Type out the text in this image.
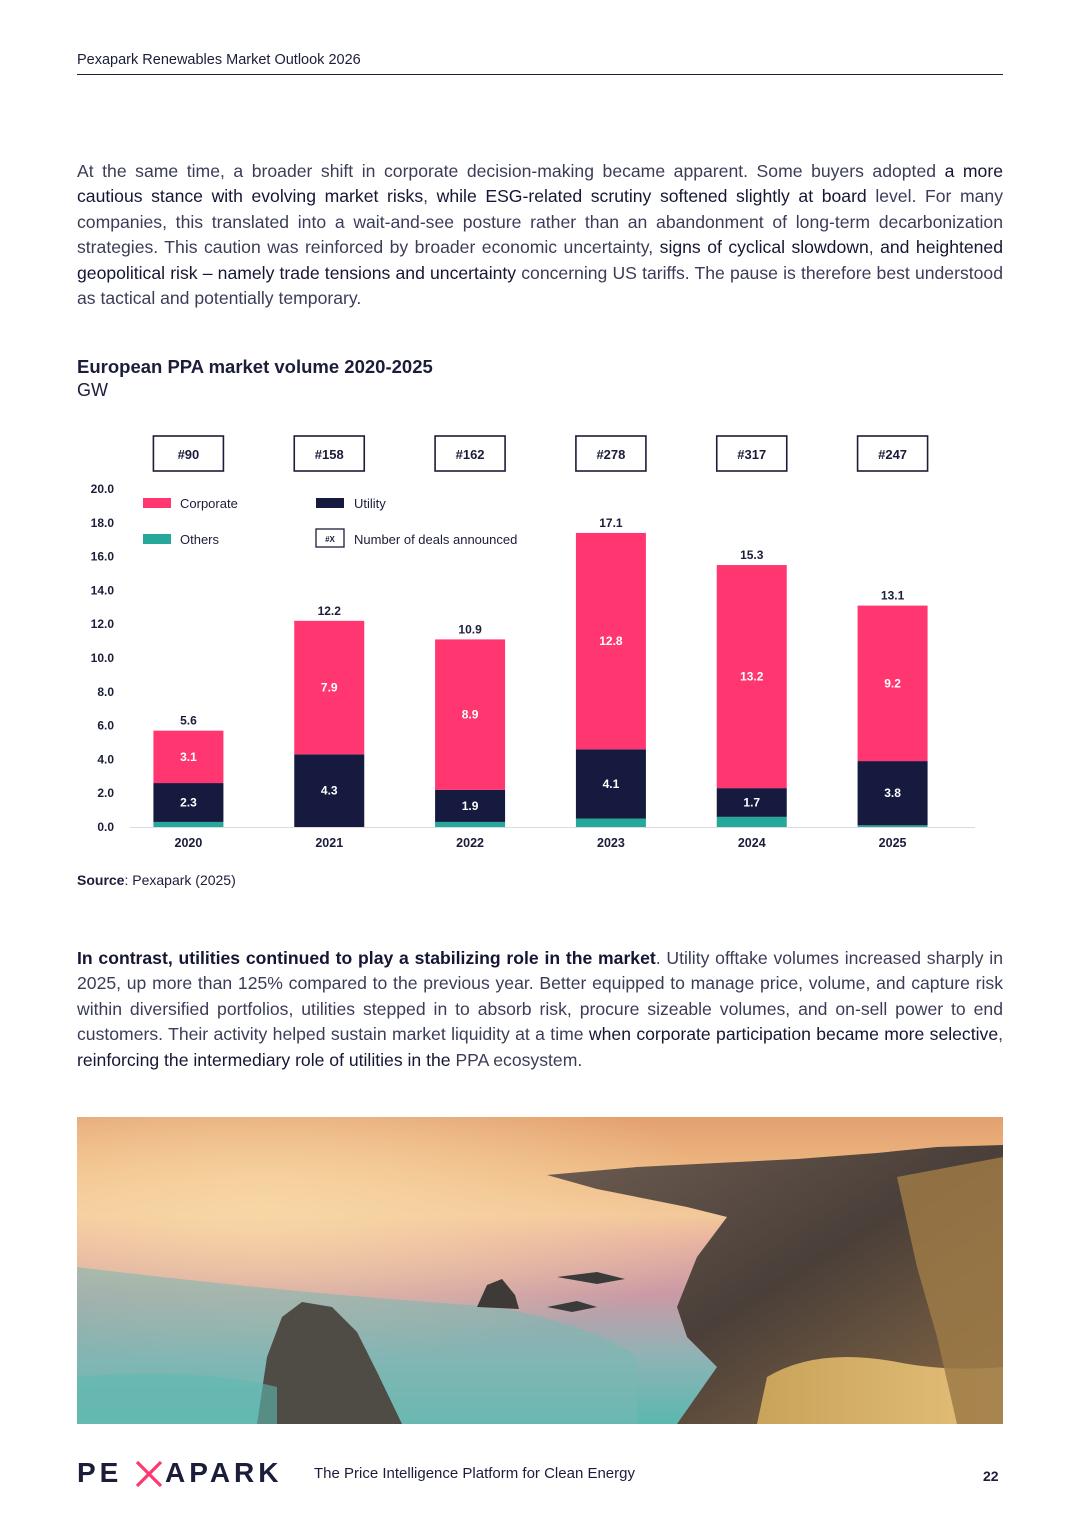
Pexapark Renewables Market Outlook 2026

At the same time, a broader shift in corporate decision-making became apparent. Some buyers adopted a more cautious stance with evolving market risks, while ESG-related scrutiny softened slightly at board level. For many companies, this translated into a wait-and-see posture rather than an abandonment of long-term decarbonization strategies. This caution was reinforced by broader economic uncertainty, signs of cyclical slowdown, and heightened geopolitical risk – namely trade tensions and uncertainty concerning US tariffs. The pause is therefore best understood as tactical and potentially temporary.

European PPA market volume 2020-2025
GW
0.0
2.0
4.0
6.0
8.0
10.0
12.0
14.0
16.0
18.0
20.0
Corporate
Others
Utility
#X Number of deals announced
2.3
3.1
5.6
2020
#90
4.3
7.9
12.2
2021
#158
1.9
8.9
10.9
2022
#162
4.1
12.8
17.1
2023
#278
1.7
13.2
15.3
2024
#317
3.8
9.2
13.1
2025
#247
Source: Pexapark (2025)

In contrast, utilities continued to play a stabilizing role in the market. Utility offtake volumes increased sharply in 2025, up more than 125% compared to the previous year. Better equipped to manage price, volume, and capture risk within diversified portfolios, utilities stepped in to absorb risk, procure sizeable volumes, and on-sell power to end customers. Their activity helped sustain market liquidity at a time when corporate participation became more selective, reinforcing the intermediary role of utilities in the PPA ecosystem.

PE APARK The Price Intelligence Platform for Clean Energy	22
